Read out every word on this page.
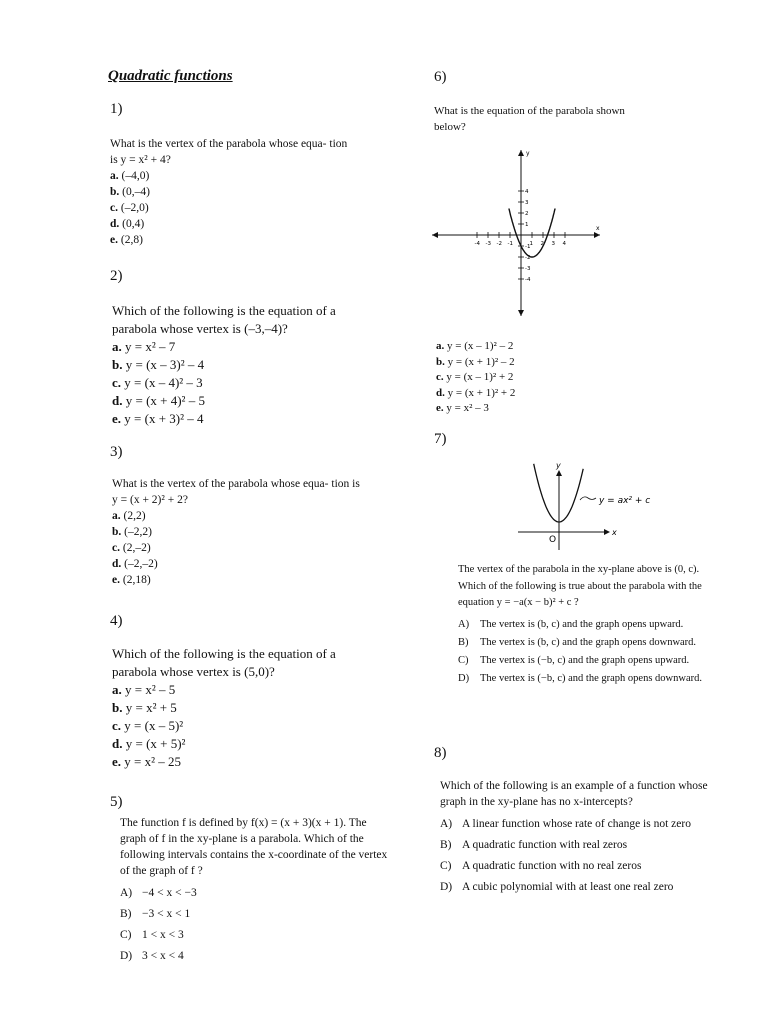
Quadratic functions
1)

What is the vertex of the parabola whose equa- tion is y = x² + 4?

a. (–4,0)
b. (0,–4)
c. (–2,0)
d. (0,4)
e. (2,8)
2)

Which of the following is the equation of a parabola whose vertex is (–3,–4)?

a. y = x² – 7
b. y = (x – 3)² – 4
c. y = (x – 4)² – 3
d. y = (x + 4)² – 5
e. y = (x + 3)² – 4
3)

What is the vertex of the parabola whose equa- tion is y = (x + 2)² + 2?

a. (2,2)
b. (–2,2)
c. (2,–2)
d. (–2,–2)
e. (2,18)
4)

Which of the following is the equation of a parabola whose vertex is (5,0)?

a. y = x² – 5
b. y = x² + 5
c. y = (x – 5)²
d. y = (x + 5)²
e. y = x² – 25
5)

The function f is defined by f(x) = (x + 3)(x + 1). The graph of f in the xy-plane is a parabola. Which of the following intervals contains the x-coordinate of the vertex of the graph of f ?

A) −4 < x < −3
B) −3 < x < 1
C) 1 < x < 3
D) 3 < x < 4
6)

What is the equation of the parabola shown below?

y
x
-4 -3 -2 -1	1 2 3 4
4
3
2
1
-1
-2
-3
-4
a. y = (x – 1)² – 2
b. y = (x + 1)² – 2
c. y = (x – 1)² + 2
d. y = (x + 1)² + 2
e. y = x² – 3
7)
y
x
O
y = ax² + c

The vertex of the parabola in the xy-plane above is (0, c). Which of the following is true about the parabola with the equation y = −a(x − b)² + c ?

A)	The vertex is (b, c) and the graph opens upward.
B)	The vertex is (b, c) and the graph opens downward.
C)	The vertex is (−b, c) and the graph opens upward.
D)	The vertex is (−b, c) and the graph opens downward.
8)

Which of the following is an example of a function whose graph in the xy-plane has no x-intercepts?

A) A linear function whose rate of change is not zero
B) A quadratic function with real zeros
C) A quadratic function with no real zeros
D) A cubic polynomial with at least one real zero
